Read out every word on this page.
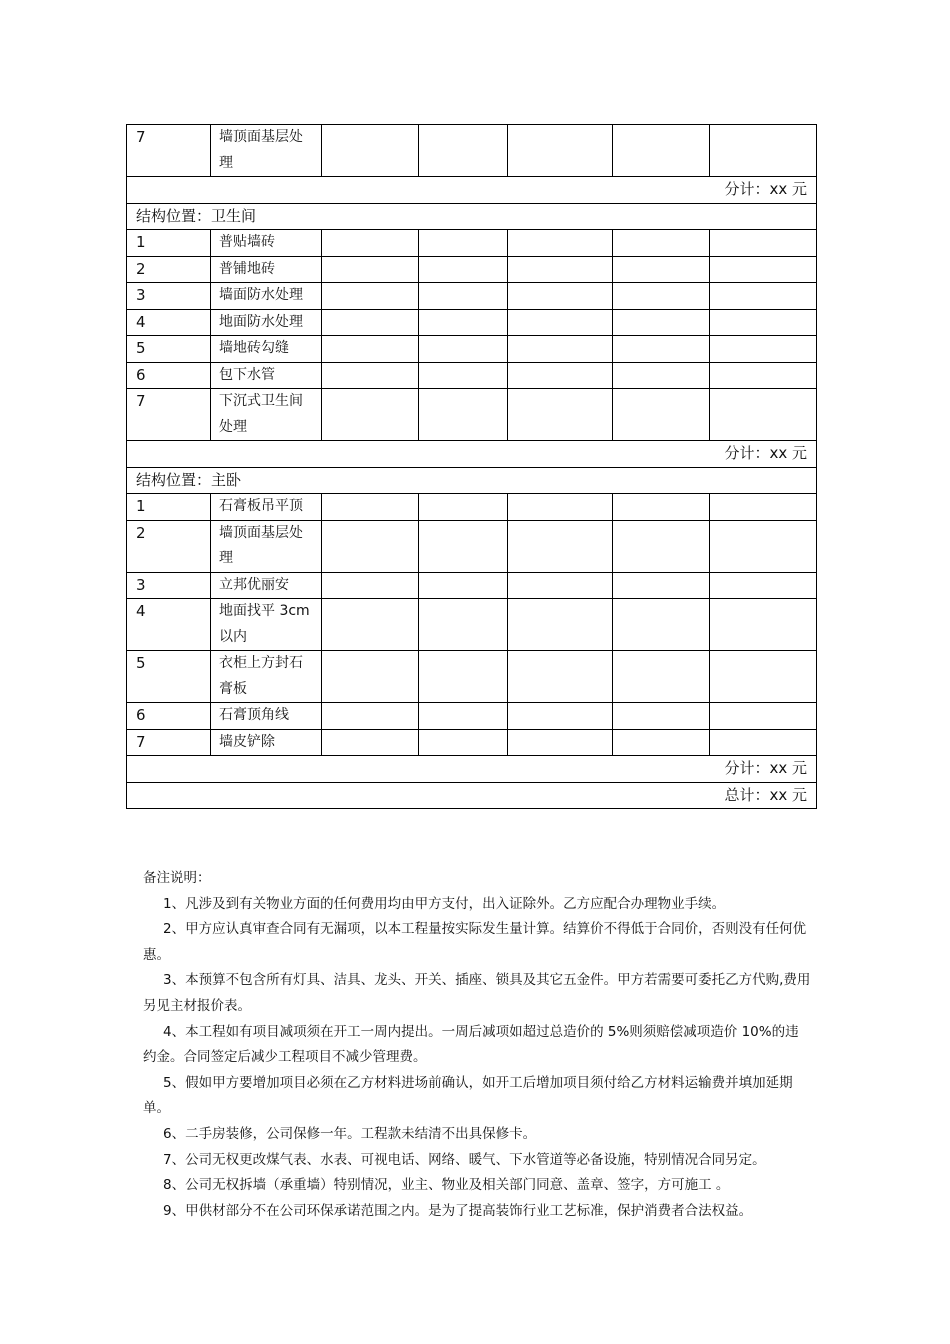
7	墙顶面基层处理					
分计：xx 元						
结构位置：卫生间						
1	普贴墙砖					
2	普铺地砖					
3	墙面防水处理					
4	地面防水处理					
5	墙地砖勾缝					
6	包下水管					
7	下沉式卫生间处理					
分计：xx 元						
结构位置：主卧						
1	石膏板吊平顶					
2	墙顶面基层处理					
3	立邦优丽安					
4	地面找平 3cm 以内					
5	衣柜上方封石膏板					
6	石膏顶角线					
7	墙皮铲除					
分计：xx 元						
总计：xx 元						

备注说明：

1、凡涉及到有关物业方面的任何费用均由甲方支付，出入证除外。乙方应配合办理物业手续。

2、甲方应认真审查合同有无漏项，以本工程量按实际发生量计算。结算价不得低于合同价，否则没有任何优惠。

3、本预算不包含所有灯具、洁具、龙头、开关、插座、锁具及其它五金件。甲方若需要可委托乙方代购,费用另见主材报价表。

4、本工程如有项目减项须在开工一周内提出。一周后减项如超过总造价的 5%则须赔偿减项造价 10%的违约金。合同签定后减少工程项目不减少管理费。

5、假如甲方要增加项目必须在乙方材料进场前确认，如开工后增加项目须付给乙方材料运输费并填加延期单。

6、二手房装修，公司保修一年。工程款未结清不出具保修卡。

7、公司无权更改煤气表、水表、可视电话、网络、暖气、下水管道等必备设施，特别情况合同另定。

8、公司无权拆墙（承重墙）特别情况，业主、物业及相关部门同意、盖章、签字，方可施工 。

9、甲供材部分不在公司环保承诺范围之内。是为了提高装饰行业工艺标准，保护消费者合法权益。
